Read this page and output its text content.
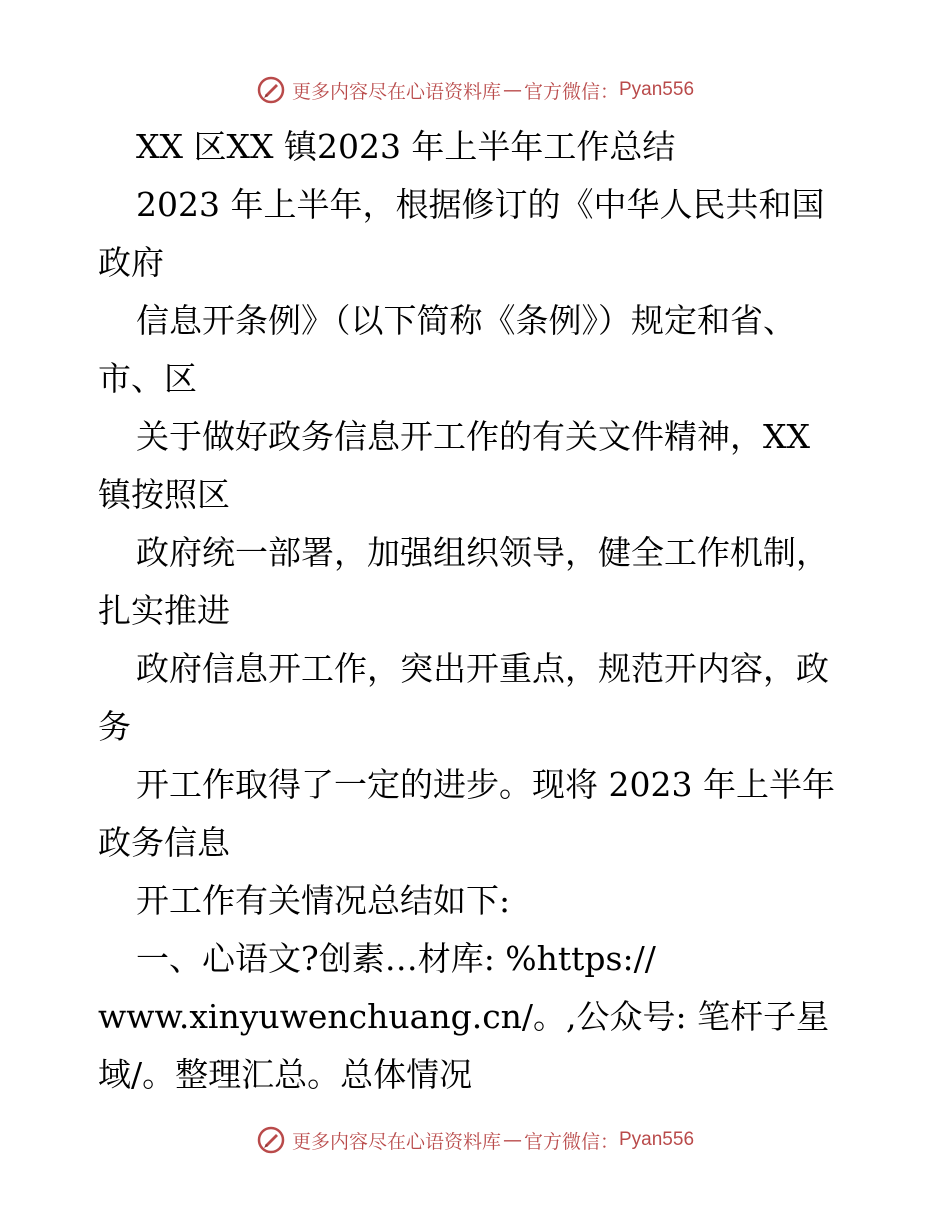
更多内容尽在心语资料库 — 官方微信： Pyan556
XX 区XX 镇2023 年上半年工作总结
2023 年上半年，根据修订的《中华人民共和国
政府
信息开条例》（以下简称《条例》）规定和省、
市、区
关于做好政务信息开工作的有关文件精神，XX
镇按照区
政府统一部署，加强组织领导，健全工作机制，
扎实推进
政府信息开工作，突出开重点，规范开内容，政
务
开工作取得了一定的进步。现将 2023 年上半年
政务信息
开工作有关情况总结如下:
一、心语文?创素…材库: %https://
www.xinyuwenchuang.cn/。,公众号: 笔杆子星
域/。整理汇总。总体情况
更多内容尽在心语资料库 — 官方微信： Pyan556
